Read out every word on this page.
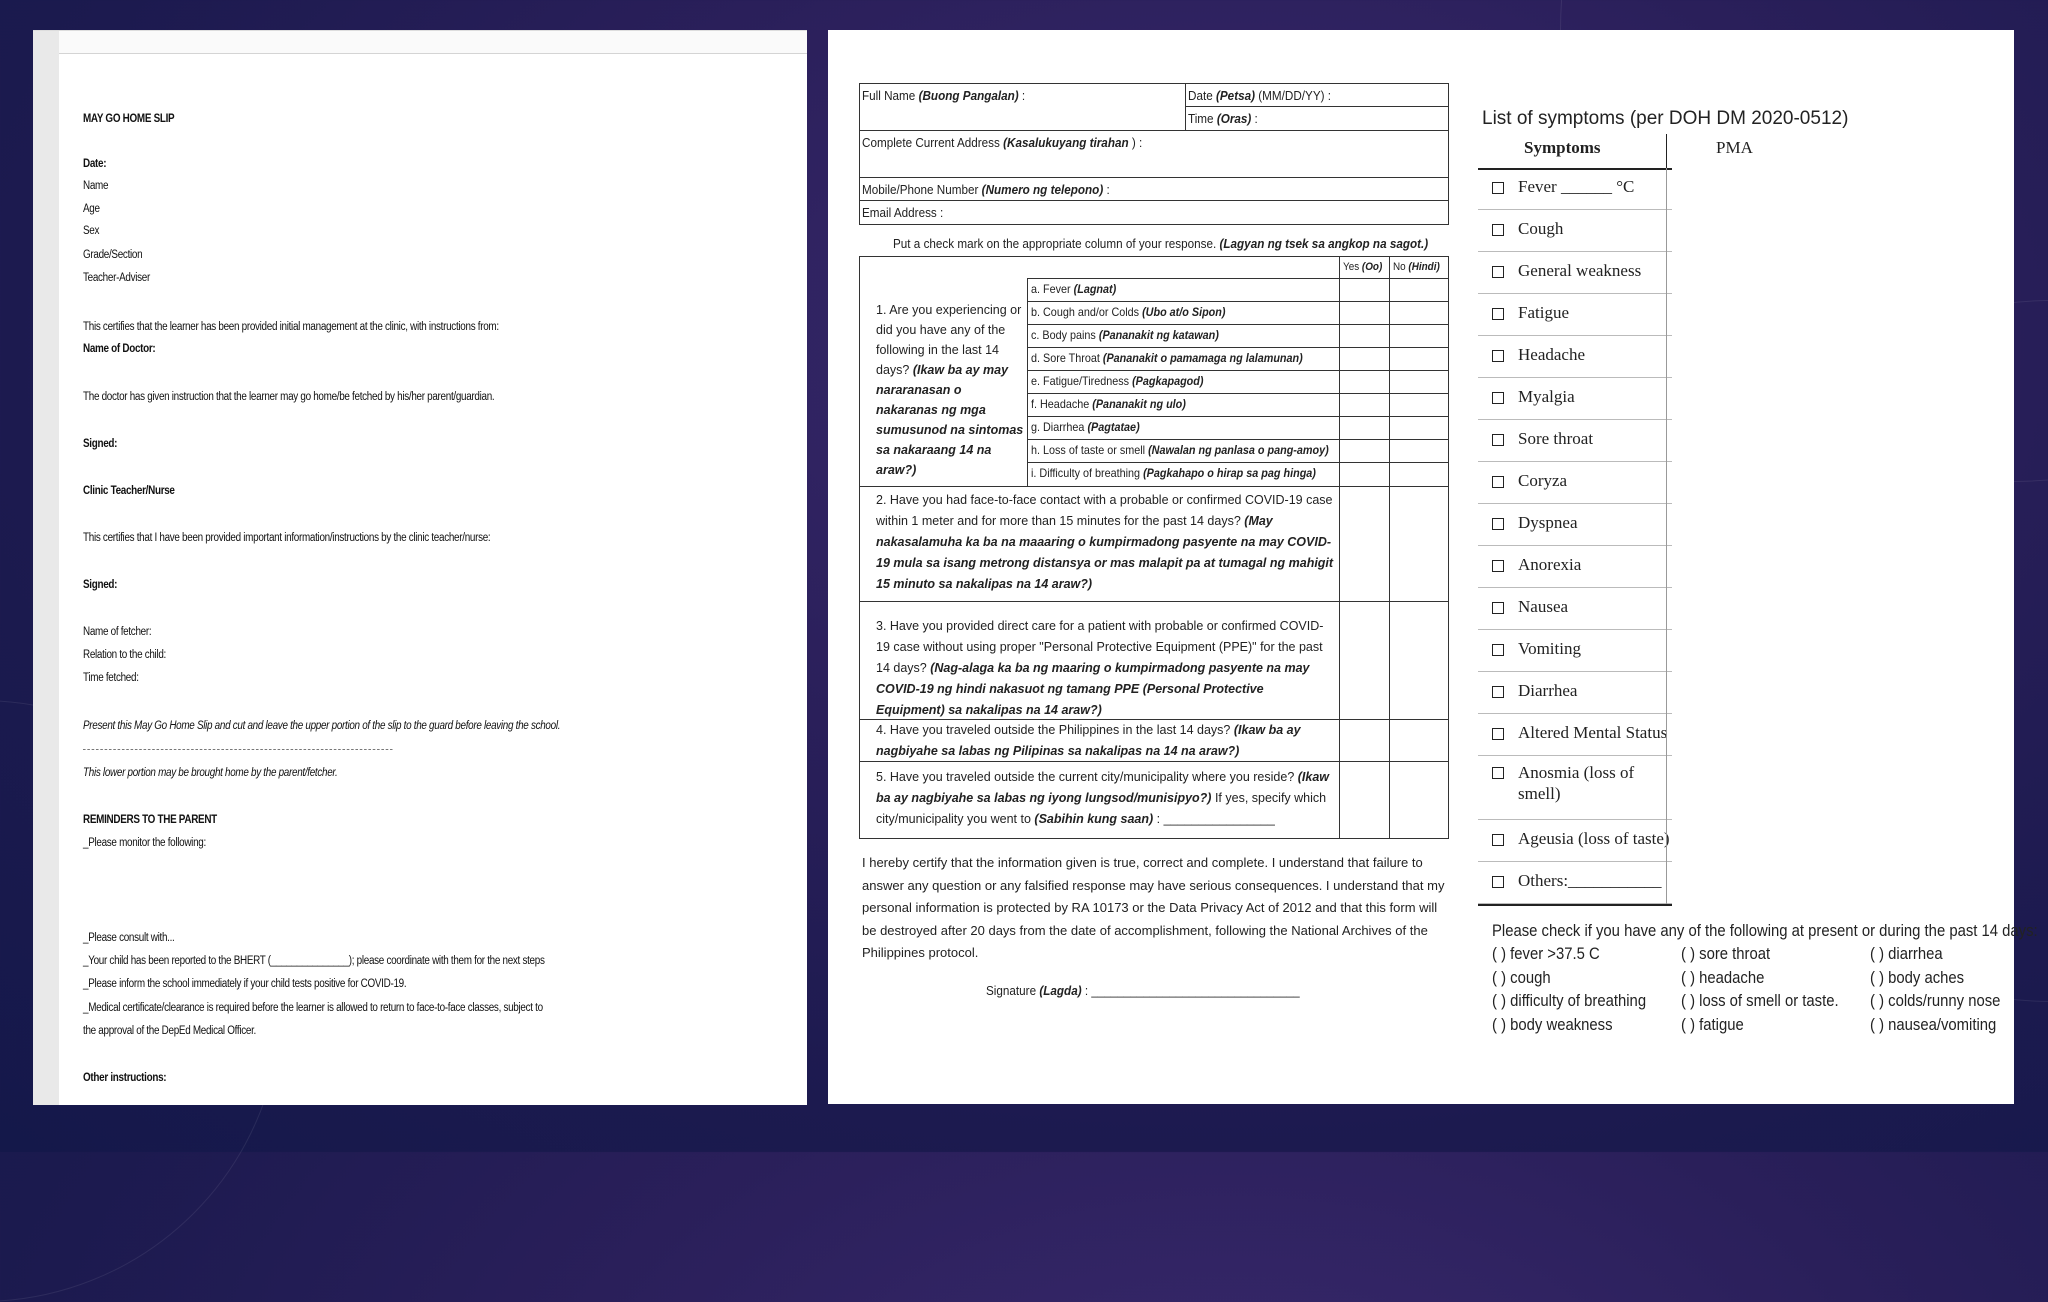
MAY GO HOME SLIP
Date:
Name
Age
Sex
Grade/Section
Teacher-Adviser
This certifies that the learner has been provided initial management at the clinic, with instructions from:
Name of Doctor:
The doctor has given instruction that the learner may go home/be fetched by his/her parent/guardian.
Signed:
Clinic Teacher/Nurse
This certifies that I have been provided important information/instructions by the clinic teacher/nurse:
Signed:
Name of fetcher:
Relation to the child:
Time fetched:
Present this May Go Home Slip and cut and leave the upper portion of the slip to the guard before leaving the school.
This lower portion may be brought home by the parent/fetcher.
REMINDERS TO THE PARENT
_Please monitor the following:
_Please consult with...
_Your child has been reported to the BHERT (_______________); please coordinate with them for the next steps
_Please inform the school immediately if your child tests positive for COVID-19.
_Medical certificate/clearance is required before the learner is allowed to return to face-to-face classes, subject to
the approval of the DepEd Medical Officer.
Other instructions:
Full Name (Buong Pangalan) :	Date (Petsa) (MM/DD/YY) :
Time (Oras) :
Complete Current Address (Kasalukuyang tirahan ) :
Mobile/Phone Number (Numero ng telepono) :
Email Address :
Put a check mark on the appropriate column of your response. (Lagyan ng tsek sa angkop na sagot.)
Yes (Oo) No (Hindi)
1. Are you experiencing or did you have any of the following in the last 14 days? (Ikaw ba ay may nararanasan o nakaranas ng mga sumusunod na sintomas sa nakaraang 14 na araw?)
2. Have you had face-to-face contact with a probable or confirmed COVID-19 case within 1 meter and for more than 15 minutes for the past 14 days? (May nakasalamuha ka ba na maaaring o kumpirmadong pasyente na may COVID-19 mula sa isang metrong distansya or mas malapit pa at tumagal ng mahigit 15 minuto sa nakalipas na 14 araw?)
3. Have you provided direct care for a patient with probable or confirmed COVID-19 case without using proper "Personal Protective Equipment (PPE)" for the past 14 days? (Nag-alaga ka ba ng maaring o kumpirmadong pasyente na may COVID-19 ng hindi nakasuot ng tamang PPE (Personal Protective Equipment) sa nakalipas na 14 araw?)
4. Have you traveled outside the Philippines in the last 14 days? (Ikaw ba ay nagbiyahe sa labas ng Pilipinas sa nakalipas na 14 na araw?)
5. Have you traveled outside the current city/municipality where you reside? (Ikaw ba ay nagbiyahe sa labas ng iyong lungsod/munisipyo?) If yes, specify which city/municipality you went to (Sabihin kung saan) : ________________
I hereby certify that the information given is true, correct and complete. I understand that failure to answer any question or any falsified response may have serious consequences. I understand that my personal information is protected by RA 10173 or the Data Privacy Act of 2012 and that this form will be destroyed after 20 days from the date of accomplishment, following the National Archives of the Philippines protocol.
Signature (Lagda) : ________________________________
List of symptoms (per DOH DM 2020-0512)
Symptoms
Fever ______ °C
Cough
General weakness
Fatigue
Headache
Myalgia
Sore throat
Coryza
Dyspnea
Anorexia
Nausea
Vomiting
Diarrhea
Altered Mental Status
Anosmia (loss of smell)
Ageusia (loss of taste)
Others:___________
PMA
Please check if you have any of the following at present or during the past 14 days:
a. Fever (Lagnat)
b. Cough and/or Colds (Ubo at/o Sipon)
c. Body pains (Pananakit ng katawan)
d. Sore Throat (Pananakit o pamamaga ng lalamunan)
e. Fatigue/Tiredness (Pagkapagod)
f. Headache (Pananakit ng ulo)
g. Diarrhea (Pagtatae)
h. Loss of taste or smell (Nawalan ng panlasa o pang-amoy)
i. Difficulty of breathing (Pagkahapo o hirap sa pag hinga)
( ) fever >37.5 C
( ) cough
( ) difficulty of breathing
( ) body weakness
( ) sore throat
( ) headache
( ) loss of smell or taste.
( ) fatigue
( ) diarrhea
( ) body aches
( ) colds/runny nose
( ) nausea/vomiting
